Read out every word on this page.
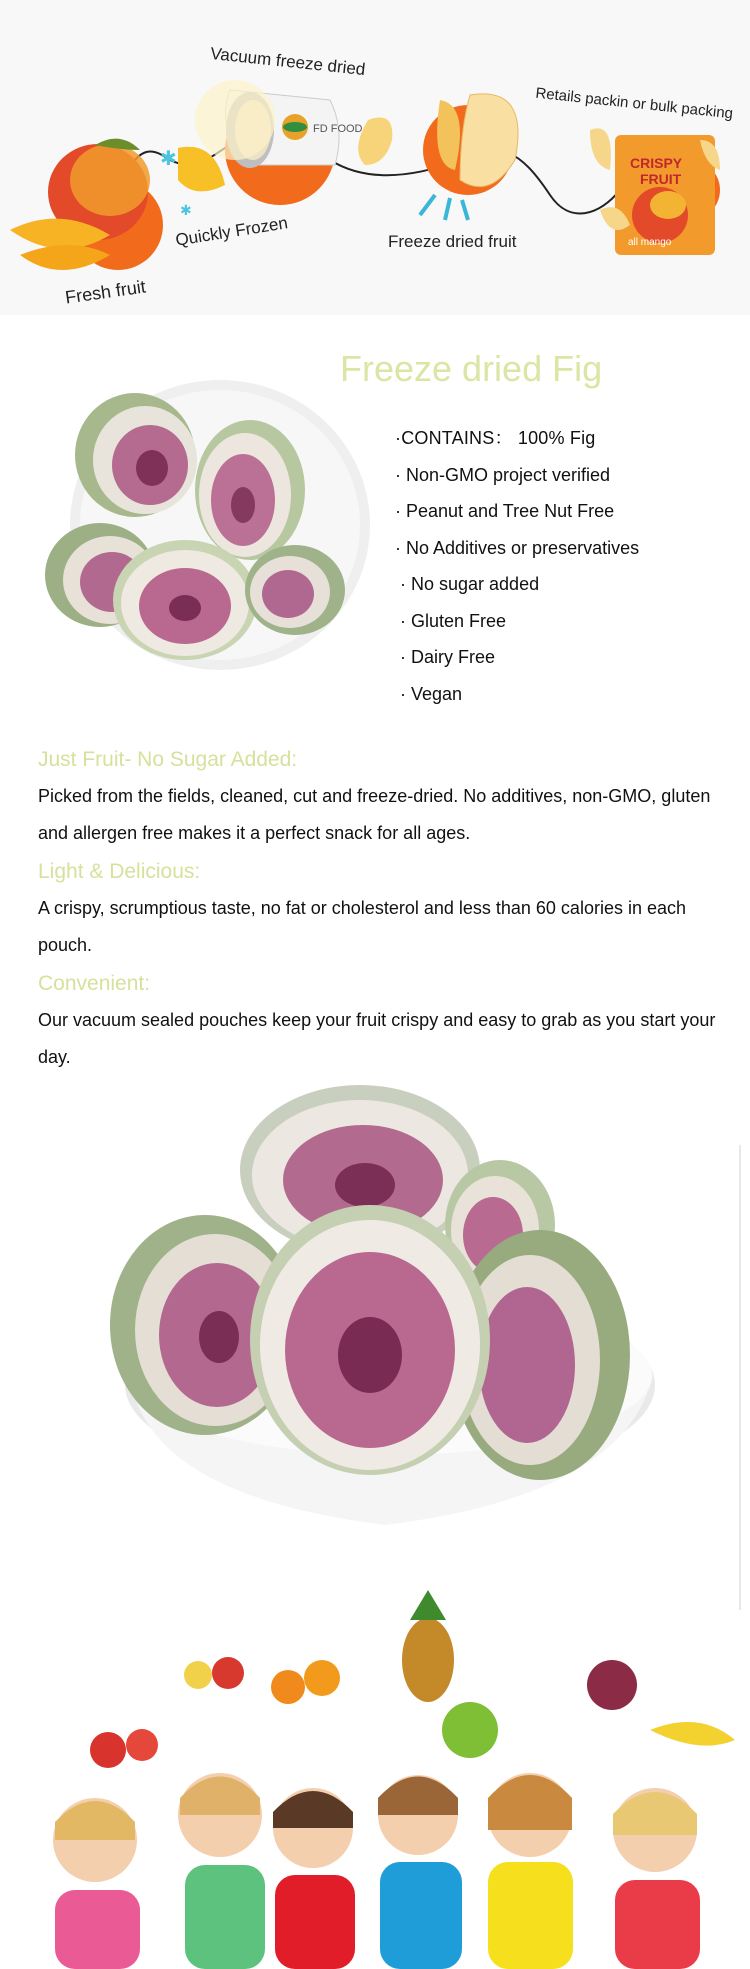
✱
✱
FD FOOD
CRISPY
FRUIT
all mango
Vacuum freeze dried
Retails packin or bulk packing
Quickly Frozen	Freeze dried fruit
Fresh fruit
Freeze dried Fig
·CONTAINS： 100% Fig
· Non-GMO project verified
· Peanut and Tree Nut Free
· No Additives or preservatives
· No sugar added
· Gluten Free
· Dairy Free
· Vegan
Just Fruit- No Sugar Added:

Picked from the fields, cleaned, cut and freeze-dried. No additives, non-GMO, gluten and allergen free makes it a perfect snack for all ages.

Light & Delicious:

A crispy, scrumptious taste, no fat or cholesterol and less than 60 calories in each pouch.

Convenient:

Our vacuum sealed pouches keep your fruit crispy and easy to grab as you start your day.
